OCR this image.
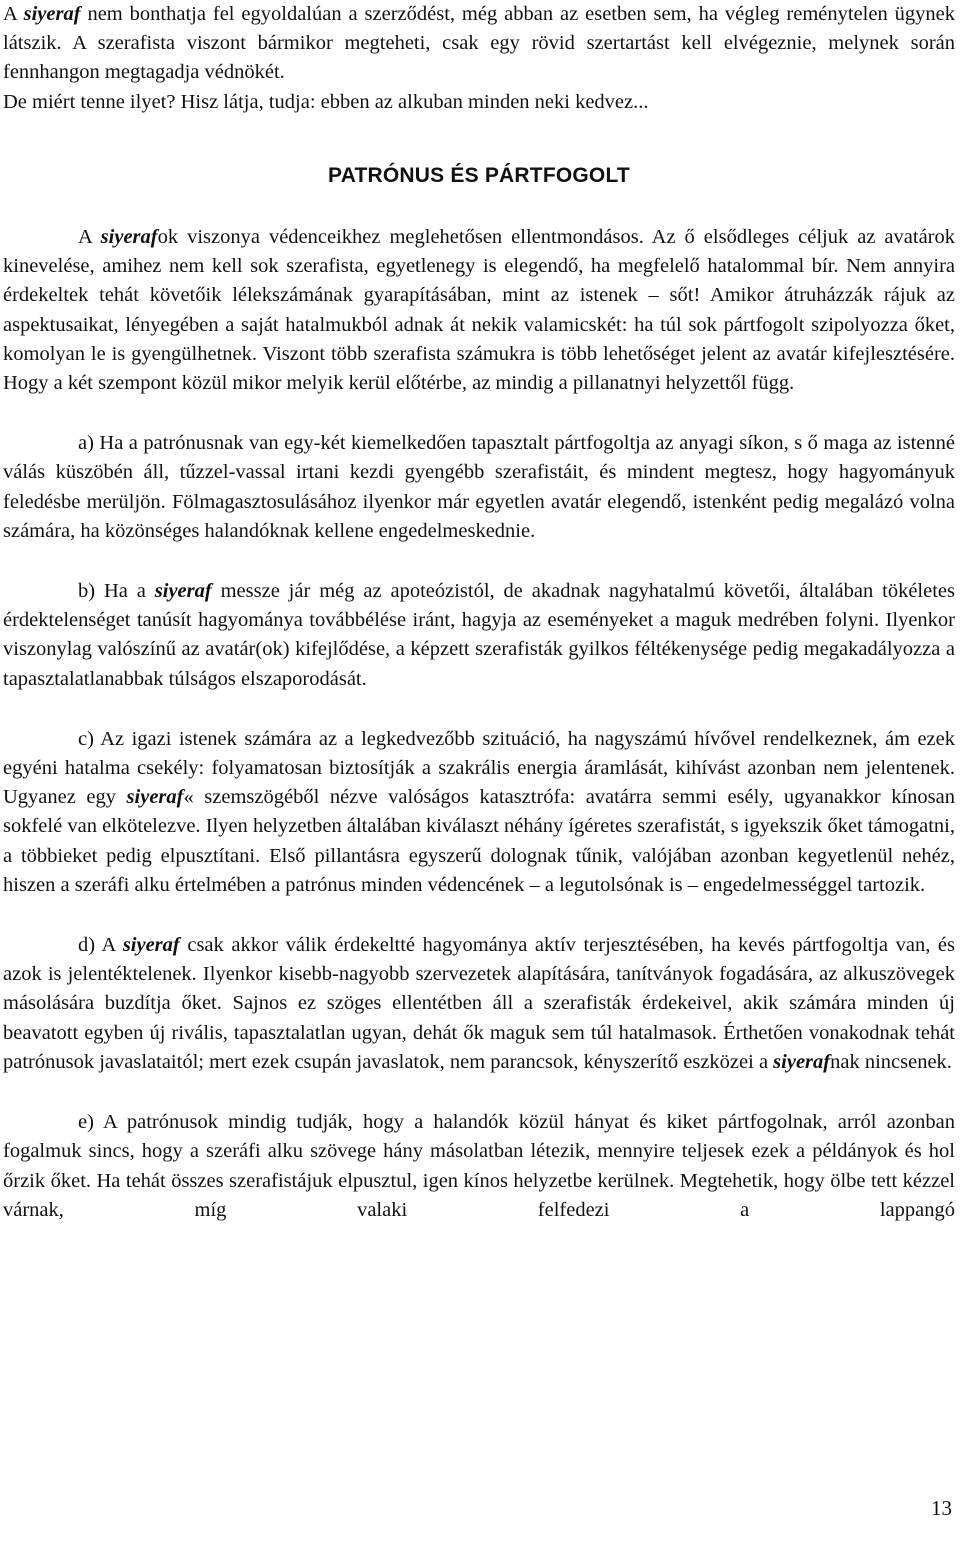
A siyeraf nem bonthatja fel egyoldalúan a szerződést, még abban az esetben sem, ha végleg reménytelen ügynek látszik. A szerafista viszont bármikor megteheti, csak egy rövid szertartást kell elvégeznie, melynek során fennhangon megtagadja védnökét.

De miért tenne ilyet? Hisz látja, tudja: ebben az alkuban minden neki kedvez...

PATRÓNUS ÉS PÁRTFOGOLT

A siyerafok viszonya védenceikhez meglehetősen ellentmondásos. Az ő elsődleges céljuk az avatárok kinevelése, amihez nem kell sok szerafista, egyetlenegy is elegendő, ha megfelelő hatalommal bír. Nem annyira érdekeltek tehát követőik lélekszámának gyarapításában, mint az istenek – sőt! Amikor átruházzák rájuk az aspektusaikat, lényegében a saját hatalmukból adnak át nekik valamicskét: ha túl sok pártfogolt szipolyozza őket, komolyan le is gyengülhetnek. Viszont több szerafista számukra is több lehetőséget jelent az avatár kifejlesztésére. Hogy a két szempont közül mikor melyik kerül előtérbe, az mindig a pillanatnyi helyzettől függ.

a) Ha a patrónusnak van egy-két kiemelkedően tapasztalt pártfogoltja az anyagi síkon, s ő maga az istenné válás küszöbén áll, tűzzel-vassal irtani kezdi gyengébb szerafistáit, és mindent megtesz, hogy hagyományuk feledésbe merüljön. Fölmagasztosulásához ilyenkor már egyetlen avatár elegendő, istenként pedig megalázó volna számára, ha közönséges halandóknak kellene engedelmeskednie.

b) Ha a siyeraf messze jár még az apoteózistól, de akadnak nagyhatalmú követői, általában tökéletes érdektelenséget tanúsít hagyománya továbbélése iránt, hagyja az eseményeket a maguk medrében folyni. Ilyenkor viszonylag valószínű az avatár(ok) kifejlődése, a képzett szerafisták gyilkos féltékenysége pedig megakadályozza a tapasztalatlanabbak túlságos elszaporodását.

c) Az igazi istenek számára az a legkedvezőbb szituáció, ha nagyszámú hívővel rendelkeznek, ám ezek egyéni hatalma csekély: folyamatosan biztosítják a szakrális energia áramlását, kihívást azonban nem jelentenek. Ugyanez egy siyeraf« szemszögéből nézve valóságos katasztrófa: avatárra semmi esély, ugyanakkor kínosan sokfelé van elkötelezve. Ilyen helyzetben általában kiválaszt néhány ígéretes szerafistát, s igyekszik őket támogatni, a többieket pedig elpusztítani. Első pillantásra egyszerű dolognak tűnik, valójában azonban kegyetlenül nehéz, hiszen a szeráfi alku értelmében a patrónus minden védencének – a legutolsónak is – engedelmességgel tartozik.

d) A siyeraf csak akkor válik érdekeltté hagyománya aktív terjesztésében, ha kevés pártfogoltja van, és azok is jelentéktelenek. Ilyenkor kisebb-nagyobb szervezetek alapítására, tanítványok fogadására, az alkuszövegek másolására buzdítja őket. Sajnos ez szöges ellentétben áll a szerafisták érdekeivel, akik számára minden új beavatott egyben új rivális, tapasztalatlan ugyan, dehát ők maguk sem túl hatalmasok. Érthetően vonakodnak tehát patrónusok javaslataitól; mert ezek csupán javaslatok, nem parancsok, kényszerítő eszközei a siyerafnak nincsenek.

e) A patrónusok mindig tudják, hogy a halandók közül hányat és kiket pártfogolnak, arról azonban fogalmuk sincs, hogy a szeráfi alku szövege hány másolatban létezik, mennyire teljesek ezek a példányok és hol őrzik őket. Ha tehát összes szerafistájuk elpusztul, igen kínos helyzetbe kerülnek. Megtehetik, hogy ölbe tett kézzel várnak, míg valaki felfedezi a lappangó

13
